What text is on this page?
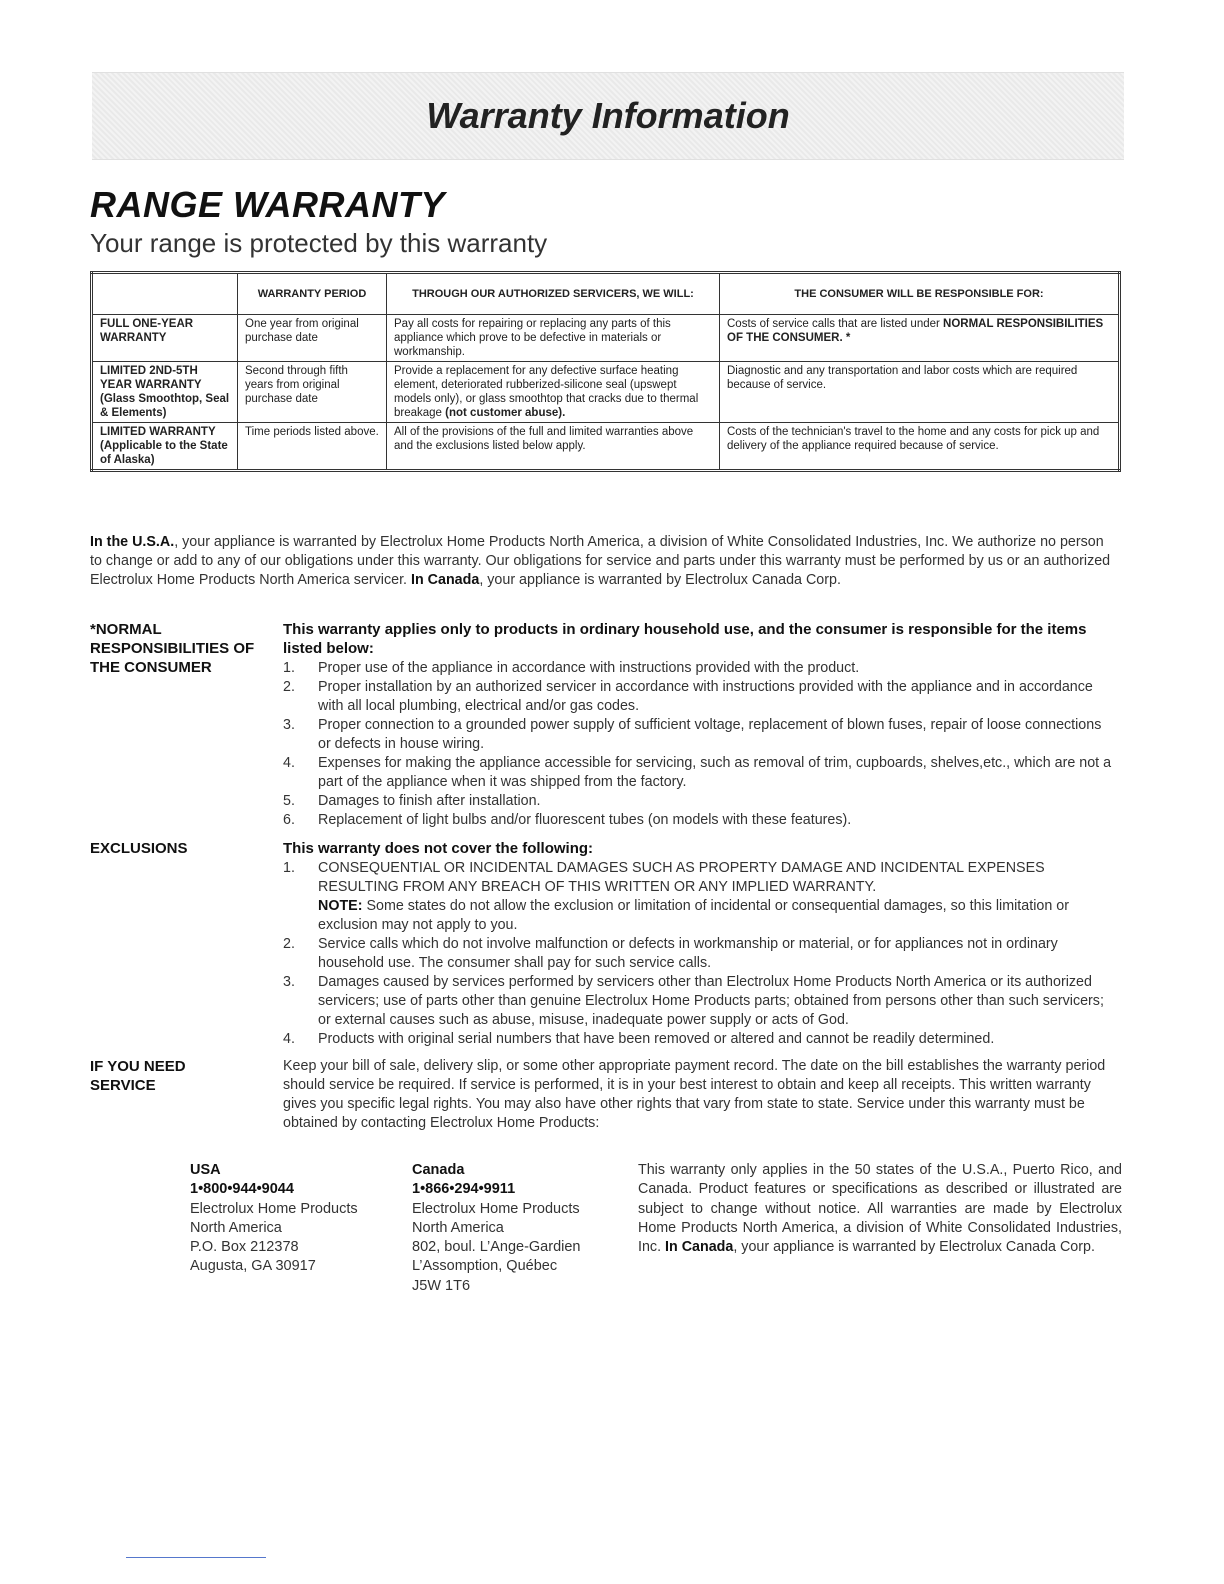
Warranty Information
RANGE WARRANTY
Your range is protected by this warranty
	WARRANTY PERIOD	THROUGH OUR AUTHORIZED SERVICERS, WE WILL:	THE CONSUMER WILL BE RESPONSIBLE FOR:
FULL ONE-YEAR WARRANTY	One year from original purchase date	Pay all costs for repairing or replacing any parts of this appliance which prove to be defective in materials or workmanship.	Costs of service calls that are listed under NORMAL RESPONSIBILITIES OF THE CONSUMER. *
LIMITED 2ND-5TH YEAR WARRANTY (Glass Smoothtop, Seal & Elements)	Second through fifth years from original purchase date	Provide a replacement for any defective surface heating element, deteriorated rubberized-silicone seal (upswept models only), or glass smoothtop that cracks due to thermal breakage (not customer abuse).	Diagnostic and any transportation and labor costs which are required because of service.
LIMITED WARRANTY (Applicable to the State of Alaska)	Time periods listed above.	All of the provisions of the full and limited warranties above and the exclusions listed below apply.	Costs of the technician's travel to the home and any costs for pick up and delivery of the appliance required because of service.
In the U.S.A., your appliance is warranted by Electrolux Home Products North America, a division of White Consolidated Industries, Inc. We authorize no person to change or add to any of our obligations under this warranty. Our obligations for service and parts under this warranty must be performed by us or an authorized Electrolux Home Products North America servicer. In Canada, your appliance is warranted by Electrolux Canada Corp.
*NORMAL RESPONSIBILITIES OF THE CONSUMER
This warranty applies only to products in ordinary household use, and the consumer is responsible for the items listed below:
1. Proper use of the appliance in accordance with instructions provided with the product.
2. Proper installation by an authorized servicer in accordance with instructions provided with the appliance and in accordance with all local plumbing, electrical and/or gas codes.
3. Proper connection to a grounded power supply of sufficient voltage, replacement of blown fuses, repair of loose connections or defects in house wiring.
4. Expenses for making the appliance accessible for servicing, such as removal of trim, cupboards, shelves,etc., which are not a part of the appliance when it was shipped from the factory.
5. Damages to finish after installation.
6. Replacement of light bulbs and/or fluorescent tubes (on models with these features).
EXCLUSIONS	This warranty does not cover the following:
1. CONSEQUENTIAL OR INCIDENTAL DAMAGES SUCH AS PROPERTY DAMAGE AND INCIDENTAL EXPENSES RESULTING FROM ANY BREACH OF THIS WRITTEN OR ANY IMPLIED WARRANTY.
NOTE: Some states do not allow the exclusion or limitation of incidental or consequential damages, so this limitation or exclusion may not apply to you.
2. Service calls which do not involve malfunction or defects in workmanship or material, or for appliances not in ordinary household use. The consumer shall pay for such service calls.
3. Damages caused by services performed by servicers other than Electrolux Home Products North America or its authorized servicers; use of parts other than genuine Electrolux Home Products parts; obtained from persons other than such servicers; or external causes such as abuse, misuse, inadequate power supply or acts of God.
4. Products with original serial numbers that have been removed or altered and cannot be readily determined.
IF YOU NEED SERVICE
Keep your bill of sale, delivery slip, or some other appropriate payment record. The date on the bill establishes the warranty period should service be required. If service is performed, it is in your best interest to obtain and keep all receipts. This written warranty gives you specific legal rights. You may also have other rights that vary from state to state. Service under this warranty must be obtained by contacting Electrolux Home Products:
USA
1•800•944•9044
Electrolux Home Products
North America
P.O. Box 212378
Augusta, GA 30917
Canada
1•866•294•9911
Electrolux Home Products
North America
802, boul. L’Ange-Gardien
L’Assomption, Québec
J5W 1T6
This warranty only applies in the 50 states of the U.S.A., Puerto Rico, and Canada. Product features or specifications as described or illustrated are subject to change without notice. All warranties are made by Electrolux Home Products North America, a division of White Consolidated Industries, Inc. In Canada, your appliance is warranted by Electrolux Canada Corp.
